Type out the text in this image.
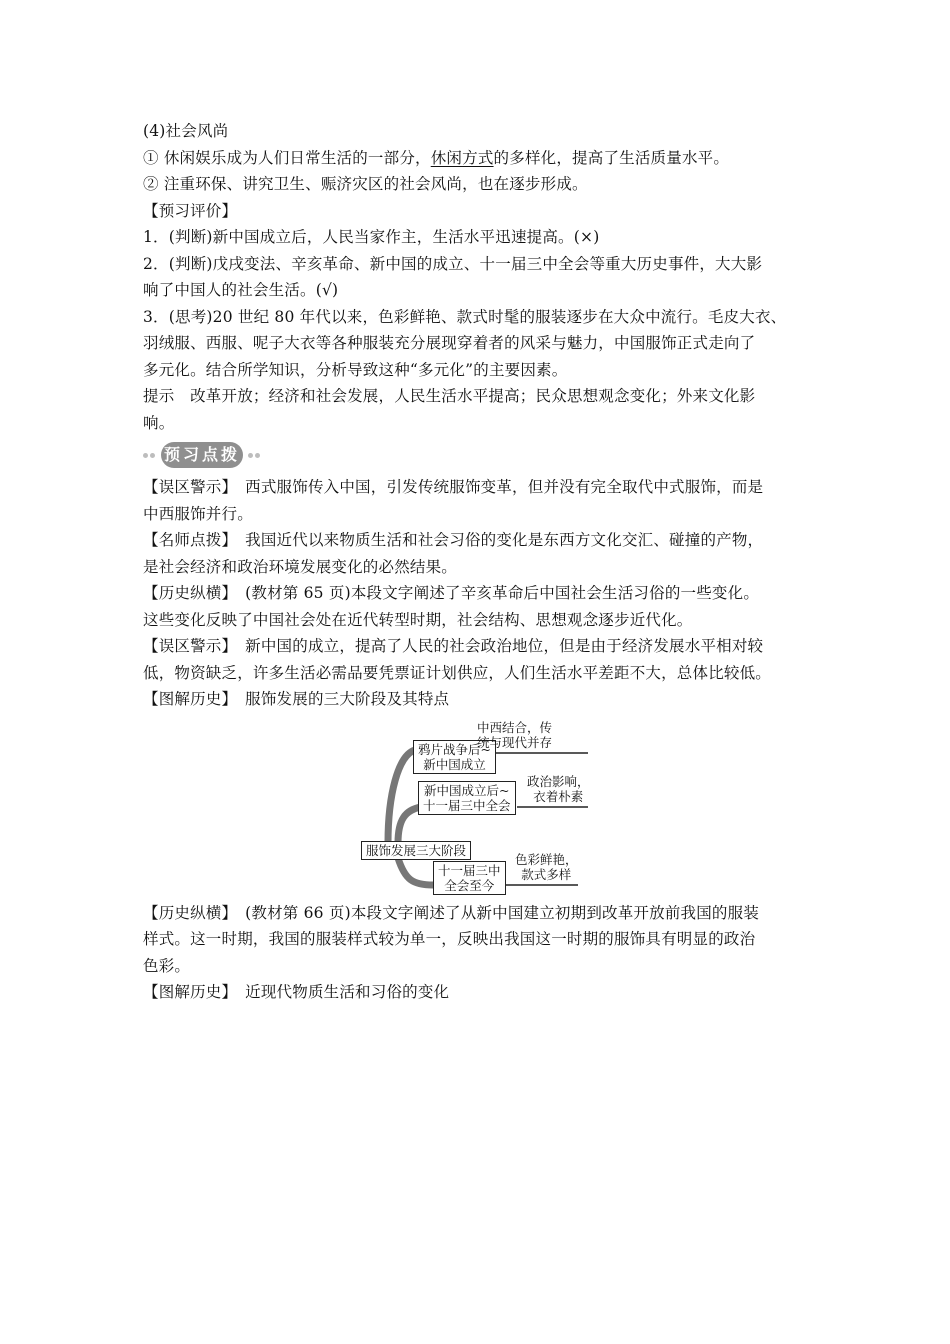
(4)社会风尚
① 休闲娱乐成为人们日常生活的一部分，休闲方式的多样化，提高了生活质量水平。
② 注重环保、讲究卫生、赈济灾区的社会风尚，也在逐步形成。
【预习评价】
1．(判断)新中国成立后，人民当家作主，生活水平迅速提高。(×)
2．(判断)戊戌变法、辛亥革命、新中国的成立、十一届三中全会等重大历史事件，大大影
响了中国人的社会生活。(√)
3．(思考)20 世纪 80 年代以来，色彩鲜艳、款式时髦的服装逐步在大众中流行。毛皮大衣、
羽绒服、西服、呢子大衣等各种服装充分展现穿着者的风采与魅力，中国服饰正式走向了
多元化。结合所学知识，分析导致这种“多元化”的主要因素。
提示　改革开放；经济和社会发展，人民生活水平提高；民众思想观念变化；外来文化影
响。
预习点拨
【误区警示】　西式服饰传入中国，引发传统服饰变革，但并没有完全取代中式服饰，而是
中西服饰并行。
【名师点拨】　我国近代以来物质生活和社会习俗的变化是东西方文化交汇、碰撞的产物，
是社会经济和政治环境发展变化的必然结果。
【历史纵横】　(教材第 65 页)本段文字阐述了辛亥革命后中国社会生活习俗的一些变化。
这些变化反映了中国社会处在近代转型时期，社会结构、思想观念逐步近代化。
【误区警示】　新中国的成立，提高了人民的社会政治地位，但是由于经济发展水平相对较
低，物资缺乏，许多生活必需品要凭票证计划供应，人们生活水平差距不大，总体比较低。
【图解历史】　服饰发展的三大阶段及其特点
服饰发展三大阶段
鸦片战争后~
新中国成立
新中国成立后~
十一届三中全会
十一届三中
全会至今
中西结合，传
统与现代并存
政治影响，
衣着朴素
色彩鲜艳，
款式多样
【历史纵横】　(教材第 66 页)本段文字阐述了从新中国建立初期到改革开放前我国的服装
样式。这一时期，我国的服装样式较为单一，反映出我国这一时期的服饰具有明显的政治
色彩。
【图解历史】　近现代物质生活和习俗的变化
